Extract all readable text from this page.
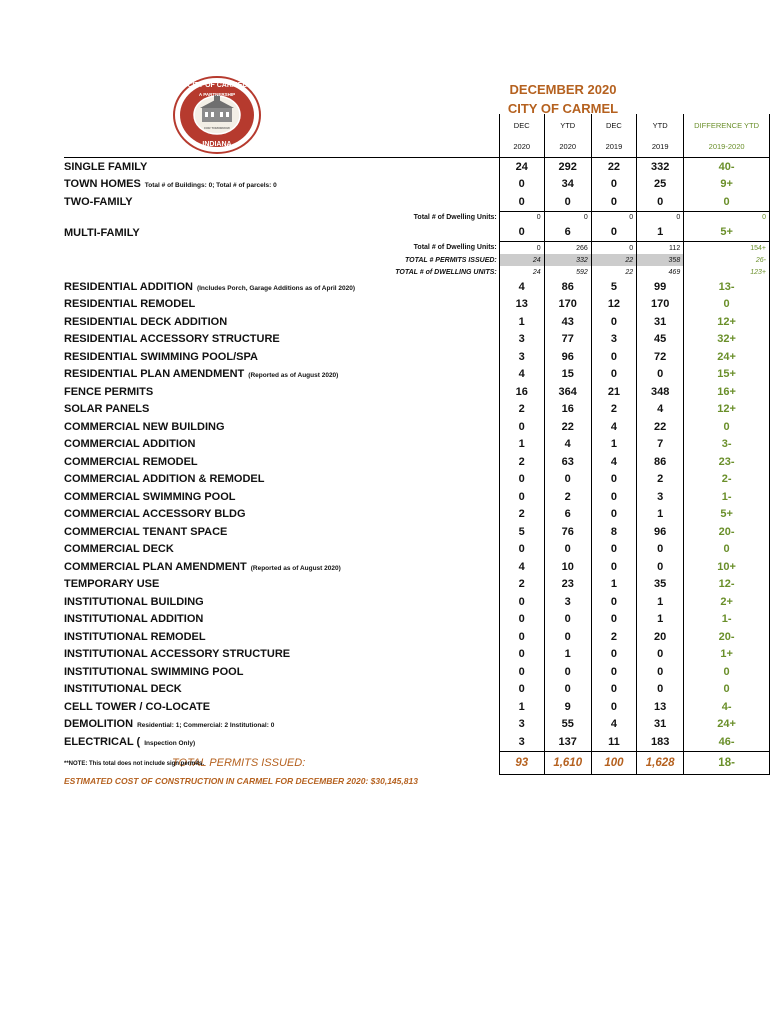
CITY OF CARMEL
A PARTNERSHIP
FOR TOMORROW
INDIANA
DECEMBER 2020
CITY OF CARMEL
	DEC	YTD	DEC	YTD	DIFFERENCE YTD
	2020	2020	2019	2019	2019-2020
SINGLE FAMILY	24	292	22	332	40-
TOWN HOMES Total # of Buildings: 0; Total # of parcels: 0	0	34	0	25	9+
TWO-FAMILY	0	0	0	0	0
Total # of Dwelling Units:	0	0	0	0	0
MULTI-FAMILY	0	6	0	1	5+
Total # of Dwelling Units:	0	266	0	112	154+
TOTAL # PERMITS ISSUED:	24	332	22	358	26-
TOTAL # of DWELLING UNITS:	24	592	22	469	123+
RESIDENTIAL ADDITION (Includes Porch, Garage Additions as of April 2020)	4	86	5	99	13-
RESIDENTIAL REMODEL	13	170	12	170	0
RESIDENTIAL DECK ADDITION	1	43	0	31	12+
RESIDENTIAL ACCESSORY STRUCTURE	3	77	3	45	32+
RESIDENTIAL SWIMMING POOL/SPA	3	96	0	72	24+
RESIDENTIAL PLAN AMENDMENT (Reported as of August 2020)	4	15	0	0	15+
FENCE PERMITS	16	364	21	348	16+
SOLAR PANELS	2	16	2	4	12+
COMMERCIAL NEW BUILDING	0	22	4	22	0
COMMERCIAL ADDITION	1	4	1	7	3-
COMMERCIAL REMODEL	2	63	4	86	23-
COMMERCIAL ADDITION & REMODEL	0	0	0	2	2-
COMMERCIAL SWIMMING POOL	0	2	0	3	1-
COMMERCIAL ACCESSORY BLDG	2	6	0	1	5+
COMMERCIAL TENANT SPACE	5	76	8	96	20-
COMMERCIAL DECK	0	0	0	0	0
COMMERCIAL PLAN AMENDMENT (Reported as of August 2020)	4	10	0	0	10+
TEMPORARY USE	2	23	1	35	12-
INSTITUTIONAL BUILDING	0	3	0	1	2+
INSTITUTIONAL ADDITION	0	0	0	1	1-
INSTITUTIONAL REMODEL	0	0	2	20	20-
INSTITUTIONAL ACCESSORY STRUCTURE	0	1	0	0	1+
INSTITUTIONAL SWIMMING POOL	0	0	0	0	0
INSTITUTIONAL DECK	0	0	0	0	0
CELL TOWER / CO-LOCATE	1	9	0	13	4-
DEMOLITION Residential: 1; Commercial: 2 Institutional: 0	3	55	4	31	24+
ELECTRICAL ( Inspection Only)	3	137	11	183	46-
TOTAL PERMITS ISSUED:	93	1,610	100	1,628	18-
**NOTE: This total does not include sign permits.
ESTIMATED COST OF CONSTRUCTION IN CARMEL FOR DECEMBER 2020: $30,145,813
